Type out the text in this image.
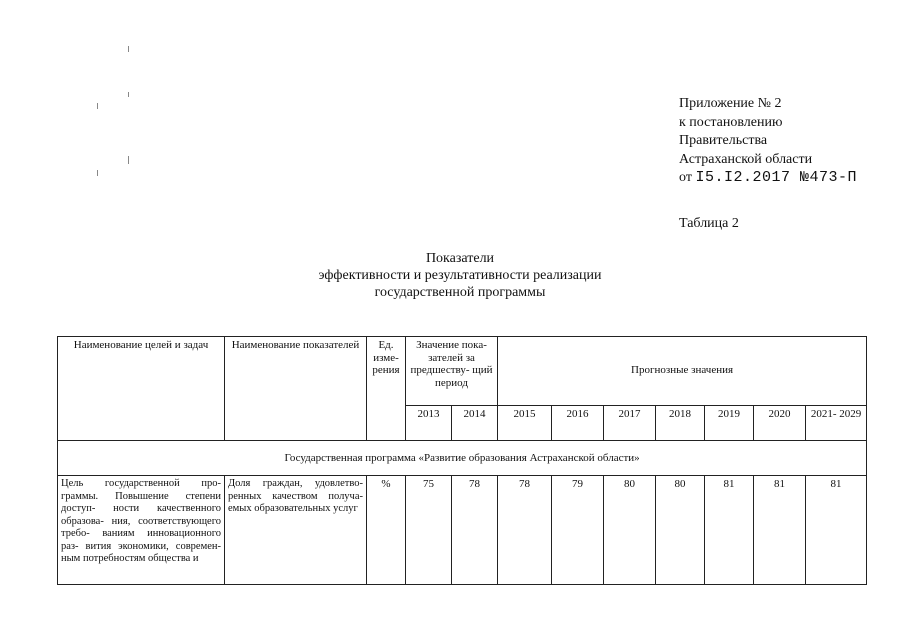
Приложение № 2
к постановлению
Правительства
Астраханской области
от I5.I2.2017 №473-П
Таблица 2
Показатели
эффективности и результативности реализации
государственной программы
Наименование целей и задач	Наименование показателей	Ед. изме- рения	Значение пока- зателей за предшеству- щий период		Прогнозные значения						
			2013	2014	2015	2016	2017	2018	2019	2020	2021- 2029
Государственная программа «Развитие образования Астраханской области»											
Цель государственной про- граммы. Повышение степени доступ- ности качественного образова- ния, соответствующего требо- ваниям инновационного раз- вития экономики, современ- ным потребностям общества и	Доля граждан, удовлетво- ренных качеством получа- емых образовательных услуг	%	75	78	78	79	80	80	81	81	81
